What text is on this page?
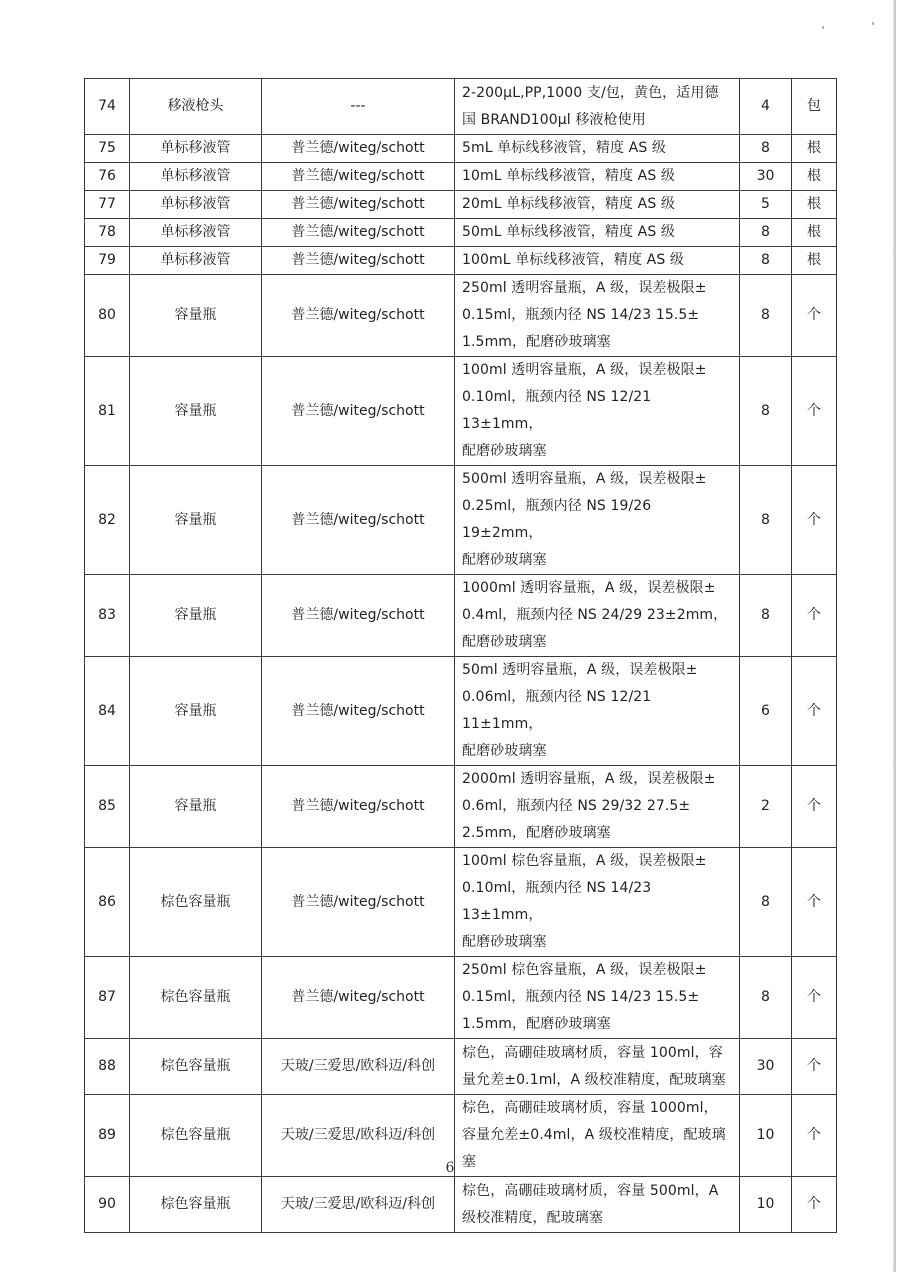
74	移液枪头	---	2-200μL,PP,1000 支/包，黄色，适用德
国 BRAND100μl 移液枪使用	4	包
75	单标移液管	普兰德/witeg/schott	5mL 单标线移液管，精度 AS 级	8	根
76	单标移液管	普兰德/witeg/schott	10mL 单标线移液管，精度 AS 级	30	根
77	单标移液管	普兰德/witeg/schott	20mL 单标线移液管，精度 AS 级	5	根
78	单标移液管	普兰德/witeg/schott	50mL 单标线移液管，精度 AS 级	8	根
79	单标移液管	普兰德/witeg/schott	100mL 单标线移液管，精度 AS 级	8	根
80	容量瓶	普兰德/witeg/schott	250ml 透明容量瓶，A 级，误差极限±
0.15ml，瓶颈内径 NS 14/23 15.5±
1.5mm，配磨砂玻璃塞	8	个
81	容量瓶	普兰德/witeg/schott	100ml 透明容量瓶，A 级，误差极限±
0.10ml，瓶颈内径 NS 12/21 13±1mm，
配磨砂玻璃塞	8	个
82	容量瓶	普兰德/witeg/schott	500ml 透明容量瓶，A 级，误差极限±
0.25ml，瓶颈内径 NS 19/26 19±2mm，
配磨砂玻璃塞	8	个
83	容量瓶	普兰德/witeg/schott	1000ml 透明容量瓶，A 级，误差极限±
0.4ml，瓶颈内径 NS 24/29 23±2mm，
配磨砂玻璃塞	8	个
84	容量瓶	普兰德/witeg/schott	50ml 透明容量瓶，A 级，误差极限±
0.06ml，瓶颈内径 NS 12/21 11±1mm，
配磨砂玻璃塞	6	个
85	容量瓶	普兰德/witeg/schott	2000ml 透明容量瓶，A 级，误差极限±
0.6ml，瓶颈内径 NS 29/32 27.5±
2.5mm，配磨砂玻璃塞	2	个
86	棕色容量瓶	普兰德/witeg/schott	100ml 棕色容量瓶，A 级，误差极限±
0.10ml，瓶颈内径 NS 14/23 13±1mm，
配磨砂玻璃塞	8	个
87	棕色容量瓶	普兰德/witeg/schott	250ml 棕色容量瓶，A 级，误差极限±
0.15ml，瓶颈内径 NS 14/23 15.5±
1.5mm，配磨砂玻璃塞	8	个
88	棕色容量瓶	天玻/三爱思/欧科迈/科创	棕色，高硼硅玻璃材质，容量 100ml，容
量允差±0.1ml，A 级校准精度，配玻璃塞	30	个
89	棕色容量瓶	天玻/三爱思/欧科迈/科创	棕色，高硼硅玻璃材质，容量 1000ml，
容量允差±0.4ml，A 级校准精度，配玻璃
塞	10	个
90	棕色容量瓶	天玻/三爱思/欧科迈/科创	棕色，高硼硅玻璃材质，容量 500ml，A
级校准精度，配玻璃塞	10	个
6
